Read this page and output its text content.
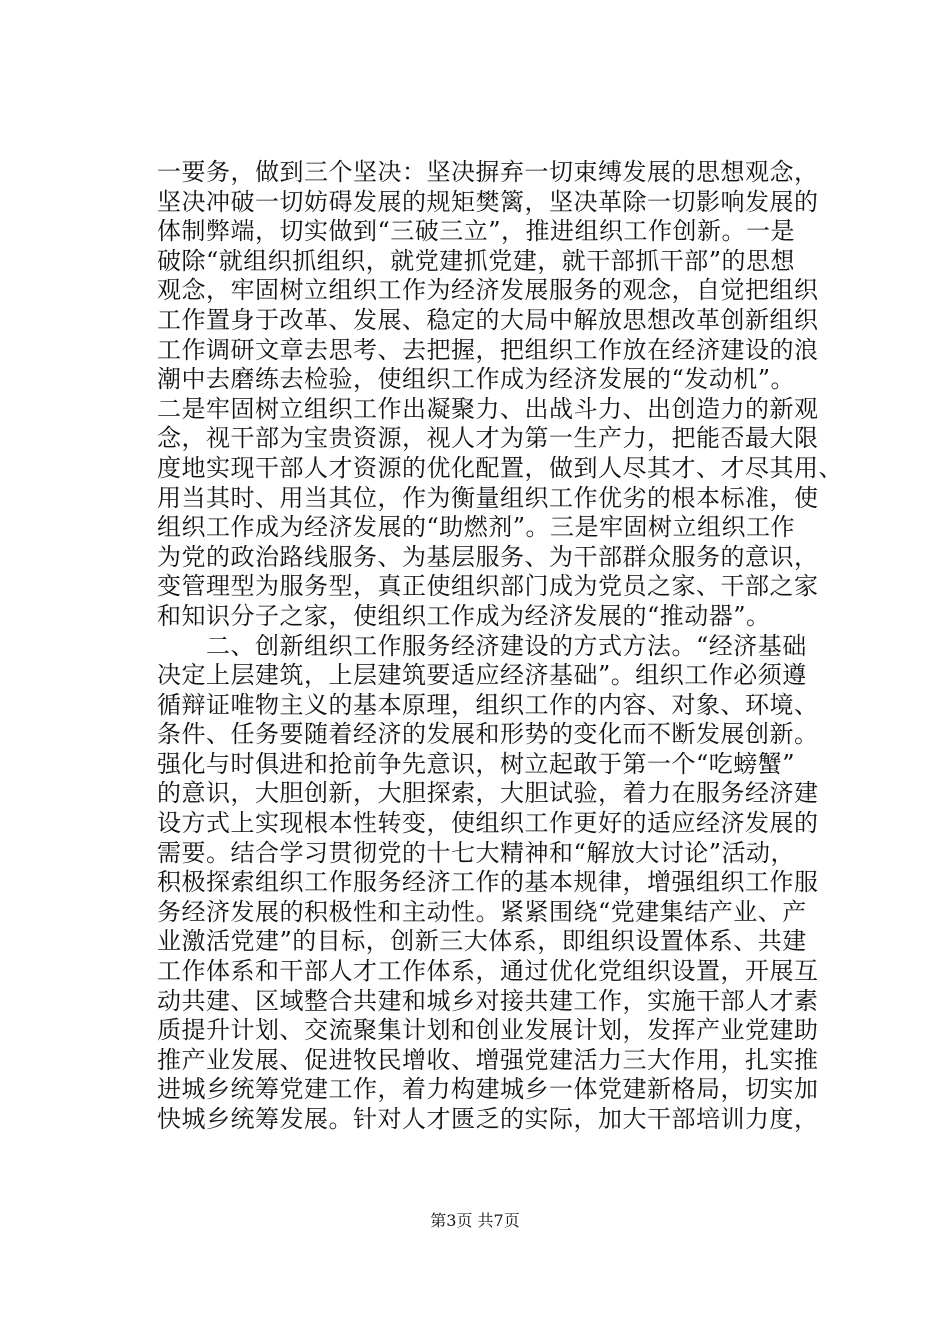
一要务，做到三个坚决：坚决摒弃一切束缚发展的思想观念，
坚决冲破一切妨碍发展的规矩樊篱，坚决革除一切影响发展的
体制弊端，切实做到“三破三立”，推进组织工作创新。一是
破除“就组织抓组织，就党建抓党建，就干部抓干部”的思想
观念，牢固树立组织工作为经济发展服务的观念，自觉把组织
工作置身于改革、发展、稳定的大局中解放思想改革创新组织
工作调研文章去思考、去把握，把组织工作放在经济建设的浪
潮中去磨练去检验，使组织工作成为经济发展的“发动机”。
二是牢固树立组织工作出凝聚力、出战斗力、出创造力的新观
念，视干部为宝贵资源，视人才为第一生产力，把能否最大限
度地实现干部人才资源的优化配置，做到人尽其才、才尽其用、
用当其时、用当其位，作为衡量组织工作优劣的根本标准，使
组织工作成为经济发展的“助燃剂”。三是牢固树立组织工作
为党的政治路线服务、为基层服务、为干部群众服务的意识，
变管理型为服务型，真正使组织部门成为党员之家、干部之家
和知识分子之家，使组织工作成为经济发展的“推动器”。
　　二、创新组织工作服务经济建设的方式方法。“经济基础
决定上层建筑，上层建筑要适应经济基础”。组织工作必须遵
循辩证唯物主义的基本原理，组织工作的内容、对象、环境、
条件、任务要随着经济的发展和形势的变化而不断发展创新。
强化与时俱进和抢前争先意识，树立起敢于第一个“吃螃蟹”
的意识，大胆创新，大胆探索，大胆试验，着力在服务经济建
设方式上实现根本性转变，使组织工作更好的适应经济发展的
需要。结合学习贯彻党的十七大精神和“解放大讨论”活动，
积极探索组织工作服务经济工作的基本规律，增强组织工作服
务经济发展的积极性和主动性。紧紧围绕“党建集结产业、产
业激活党建”的目标，创新三大体系，即组织设置体系、共建
工作体系和干部人才工作体系，通过优化党组织设置，开展互
动共建、区域整合共建和城乡对接共建工作，实施干部人才素
质提升计划、交流聚集计划和创业发展计划，发挥产业党建助
推产业发展、促进牧民增收、增强党建活力三大作用，扎实推
进城乡统筹党建工作，着力构建城乡一体党建新格局，切实加
快城乡统筹发展。针对人才匮乏的实际，加大干部培训力度，
第3页 共7页
